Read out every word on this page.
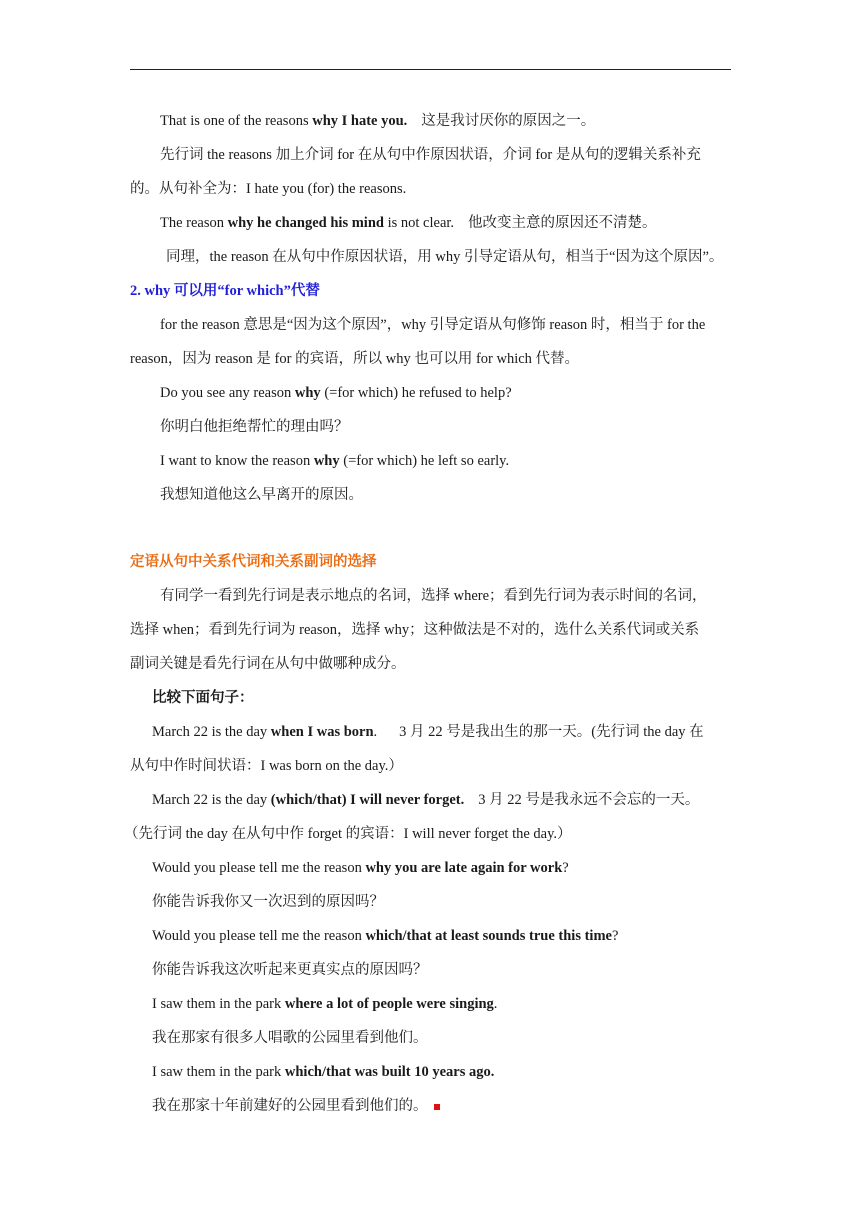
That is one of the reasons why I hate you. 这是我讨厌你的原因之一。

先行词 the reasons 加上介词 for 在从句中作原因状语，介词 for 是从句的逻辑关系补充

的。从句补全为：I hate you (for) the reasons.

The reason why he changed his mind is not clear. 他改变主意的原因还不清楚。

同理，the reason 在从句中作原因状语，用 why 引导定语从句，相当于“因为这个原因”。

2. why 可以用“for which”代替

for the reason 意思是“因为这个原因”，why 引导定语从句修饰 reason 时，相当于 for the

reason，因为 reason 是 for 的宾语，所以 why 也可以用 for which 代替。

Do you see any reason why (=for which) he refused to help?

你明白他拒绝帮忙的理由吗？

I want to know the reason why (=for which) he left so early.

我想知道他这么早离开的原因。

定语从句中关系代词和关系副词的选择

有同学一看到先行词是表示地点的名词，选择 where；看到先行词为表示时间的名词，

选择 when；看到先行词为 reason，选择 why；这种做法是不对的，选什么关系代词或关系

副词关键是看先行词在从句中做哪种成分。

比较下面句子：

March 22 is the day when I was born. 3 月 22 号是我出生的那一天。(先行词 the day 在

从句中作时间状语：I was born on the day.）

March 22 is the day (which/that) I will never forget. 3 月 22 号是我永远不会忘的一天。

（先行词 the day 在从句中作 forget 的宾语：I will never forget the day.）

Would you please tell me the reason why you are late again for work?

你能告诉我你又一次迟到的原因吗？

Would you please tell me the reason which/that at least sounds true this time?

你能告诉我这次听起来更真实点的原因吗？

I saw them in the park where a lot of people were singing.

我在那家有很多人唱歌的公园里看到他们。

I saw them in the park which/that was built 10 years ago.

我在那家十年前建好的公园里看到他们的。
